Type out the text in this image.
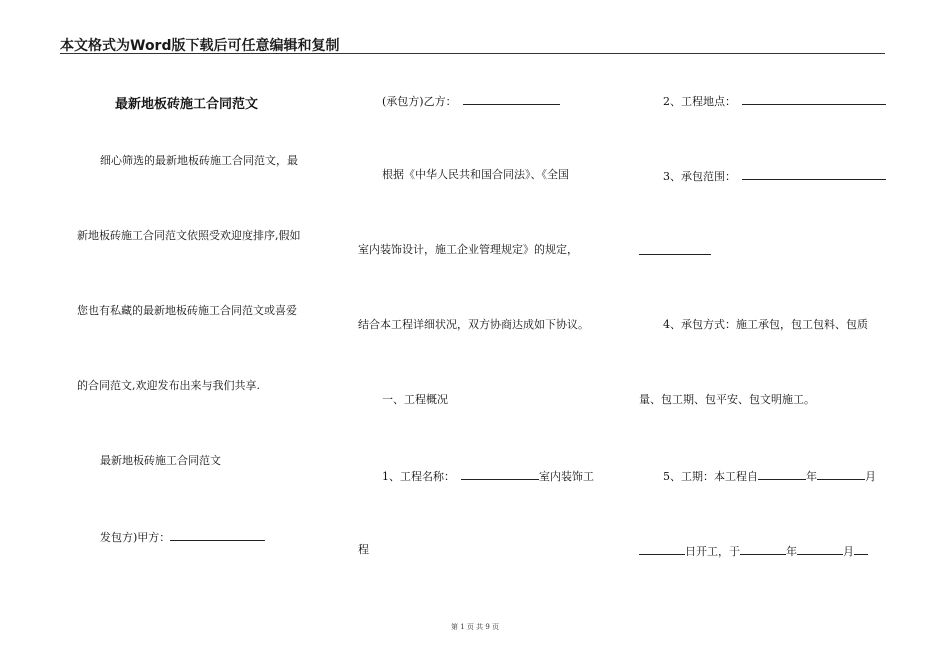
本文格式为Word版下载后可任意编辑和复制
最新地板砖施工合同范文
细心筛选的最新地板砖施工合同范文，最
新地板砖施工合同范文依照受欢迎度排序,假如
您也有私藏的最新地板砖施工合同范文或喜爱
的合同范文,欢迎发布出来与我们共享.
最新地板砖施工合同范文
发包方)甲方：
(承包方)乙方：
根据《中华人民共和国合同法》、《全国
室内装饰设计，施工企业管理规定》的规定，
结合本工程详细状况，双方协商达成如下协议。
一、工程概况
1、工程名称：	室内装饰工
程
2、工程地点：
3、承包范围：
4、承包方式：施工承包，包工包料、包质
量、包工期、包平安、包文明施工。
5、工期：本工程自	年	月
日开工，于	年	月
第 1 页 共 9 页
